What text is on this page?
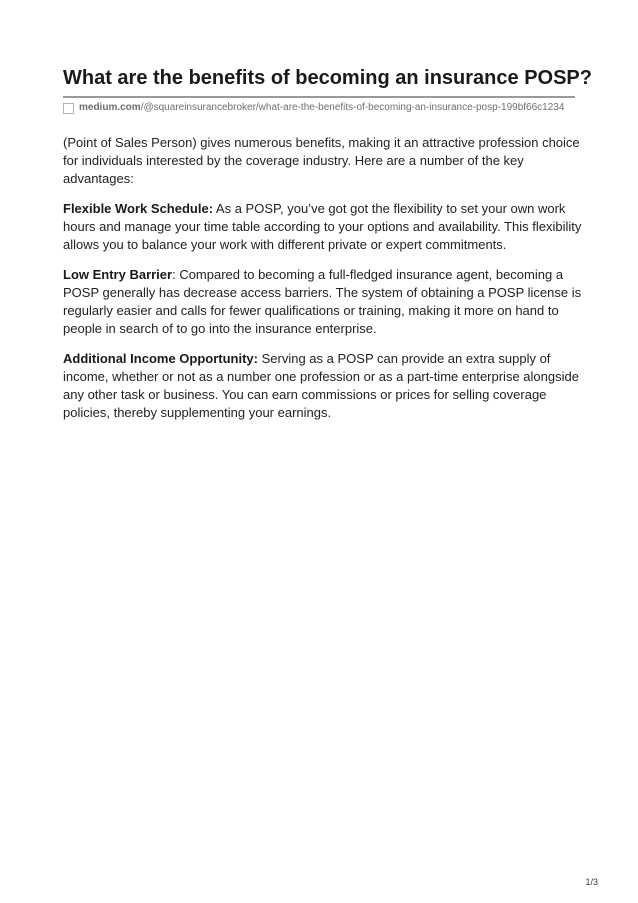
What are the benefits of becoming an insurance POSP?
medium.com /@squareinsurancebroker/what-are-the-benefits-of-becoming-an-insurance-posp-199bf66c1234

(Point of Sales Person) gives numerous benefits, making it an attractive profession choice for individuals interested by the coverage industry. Here are a number of the key advantages:

Flexible Work Schedule: As a POSP, you’ve got got the flexibility to set your own work hours and manage your time table according to your options and availability. This flexibility allows you to balance your work with different private or expert commitments.

Low Entry Barrier: Compared to becoming a full-fledged insurance agent, becoming a POSP generally has decrease access barriers. The system of obtaining a POSP license is regularly easier and calls for fewer qualifications or training, making it more on hand to people in search of to go into the insurance enterprise.

Additional Income Opportunity: Serving as a POSP can provide an extra supply of income, whether or not as a number one profession or as a part-time enterprise alongside any other task or business. You can earn commissions or prices for selling coverage policies, thereby supplementing your earnings.

1/3
